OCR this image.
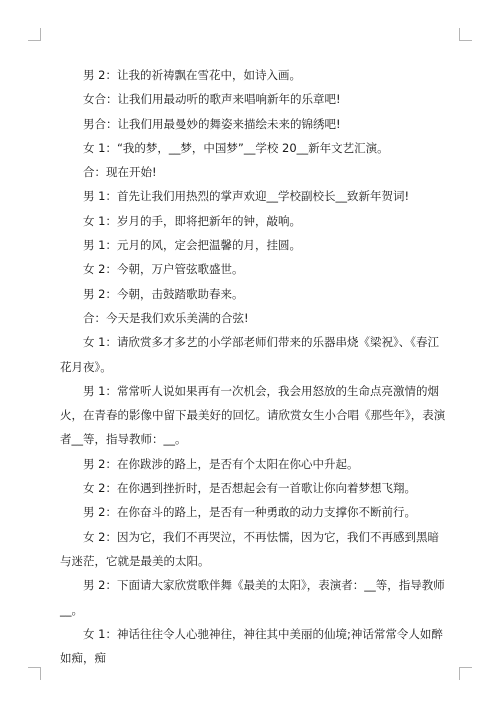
男 2：让我的祈祷飘在雪花中，如诗入画。

女合：让我们用最动听的歌声来唱响新年的乐章吧!

男合：让我们用最曼妙的舞姿来描绘未来的锦绣吧!

女 1：“我的梦，__梦，中国梦”__学校 20__新年文艺汇演。

合：现在开始!

男 1：首先让我们用热烈的掌声欢迎__学校副校长__致新年贺词!

女 1：岁月的手，即将把新年的钟，敲响。

男 1：元月的风，定会把温馨的月，挂圆。

女 2：今朝，万户管弦歌盛世。

男 2：今朝，击鼓踏歌助春来。

合：今天是我们欢乐美满的合弦!

女 1：请欣赏多才多艺的小学部老师们带来的乐器串烧《梁祝》、《春江花月夜》。

男 1：常常听人说如果再有一次机会，我会用怒放的生命点亮激情的烟火，在青春的影像中留下最美好的回忆。请欣赏女生小合唱《那些年》，表演者__等，指导教师：__。

男 2：在你跋涉的路上，是否有个太阳在你心中升起。

女 2：在你遇到挫折时，是否想起会有一首歌让你向着梦想飞翔。

男 2：在你奋斗的路上，是否有一种勇敢的动力支撑你不断前行。

女 2：因为它，我们不再哭泣，不再怯懦，因为它，我们不再感到黑暗与迷茫，它就是最美的太阳。

男 2：下面请大家欣赏歌伴舞《最美的太阳》，表演者：__等，指导教师__。

女 1：神话往往令人心驰神往，神往其中美丽的仙境;神话常常令人如醉如痴，痴
